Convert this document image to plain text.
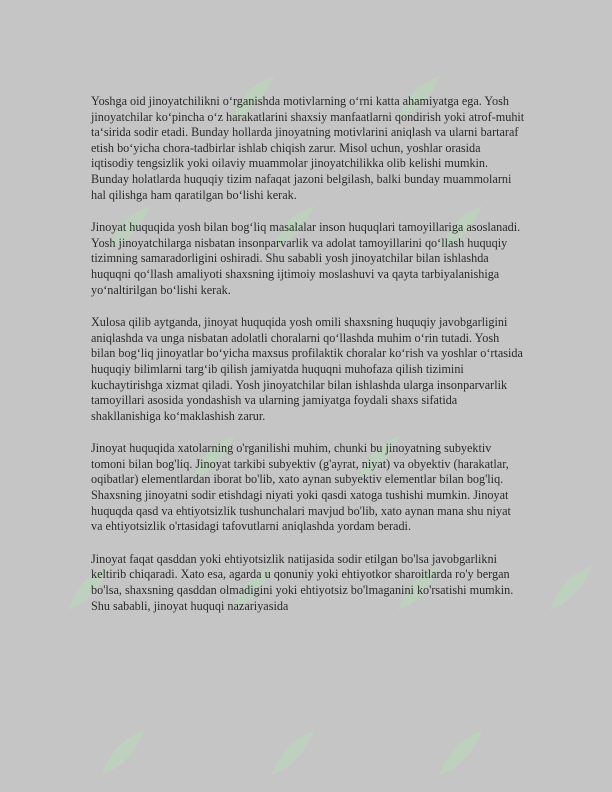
Yoshga oid jinoyatchilikni o‘rganishda motivlarning o‘rni katta ahamiyatga ega. Yosh jinoyatchilar ko‘pincha o‘z harakatlarini shaxsiy manfaatlarni qondirish yoki atrof-muhit ta‘sirida sodir etadi. Bunday hollarda jinoyatning motivlarini aniqlash va ularni bartaraf etish bo‘yicha chora-tadbirlar ishlab chiqish zarur. Misol uchun, yoshlar orasida iqtisodiy tengsizlik yoki oilaviy muammolar jinoyatchilikka olib kelishi mumkin. Bunday holatlarda huquqiy tizim nafaqat jazoni belgilash, balki bunday muammolarni hal qilishga ham qaratilgan bo‘lishi kerak.

Jinoyat huquqida yosh bilan bog‘liq masalalar inson huquqlari tamoyillariga asoslanadi. Yosh jinoyatchilarga nisbatan insonparvarlik va adolat tamoyillarini qo‘llash huquqiy tizimning samaradorligini oshiradi. Shu sababli yosh jinoyatchilar bilan ishlashda huquqni qo‘llash amaliyoti shaxsning ijtimoiy moslashuvi va qayta tarbiyalanishiga yo‘naltirilgan bo‘lishi kerak.

Xulosa qilib aytganda, jinoyat huquqida yosh omili shaxsning huquqiy javobgarligini aniqlashda va unga nisbatan adolatli choralarni qo‘llashda muhim o‘rin tutadi. Yosh bilan bog‘liq jinoyatlar bo‘yicha maxsus profilaktik choralar ko‘rish va yoshlar o‘rtasida huquqiy bilimlarni targ‘ib qilish jamiyatda huquqni muhofaza qilish tizimini kuchaytirishga xizmat qiladi. Yosh jinoyatchilar bilan ishlashda ularga insonparvarlik tamoyillari asosida yondashish va ularning jamiyatga foydali shaxs sifatida shakllanishiga ko‘maklashish zarur.

Jinoyat huquqida xatolarning o'rganilishi muhim, chunki bu jinoyatning subyektiv tomoni bilan bog'liq. Jinoyat tarkibi subyektiv (g'ayrat, niyat) va obyektiv (harakatlar, oqibatlar) elementlardan iborat bo'lib, xato aynan subyektiv elementlar bilan bog'liq. Shaxsning jinoyatni sodir etishdagi niyati yoki qasdi xatoga tushishi mumkin. Jinoyat huquqda qasd va ehtiyotsizlik tushunchalari mavjud bo'lib, xato aynan mana shu niyat va ehtiyotsizlik o'rtasidagi tafovutlarni aniqlashda yordam beradi.

Jinoyat faqat qasddan yoki ehtiyotsizlik natijasida sodir etilgan bo'lsa javobgarlikni keltirib chiqaradi. Xato esa, agarda u qonuniy yoki ehtiyotkor sharoitlarda ro'y bergan bo'lsa, shaxsning qasddan olmadigini yoki ehtiyotsiz bo'lmaganini ko'rsatishi mumkin. Shu sababli, jinoyat huquqi nazariyasida
